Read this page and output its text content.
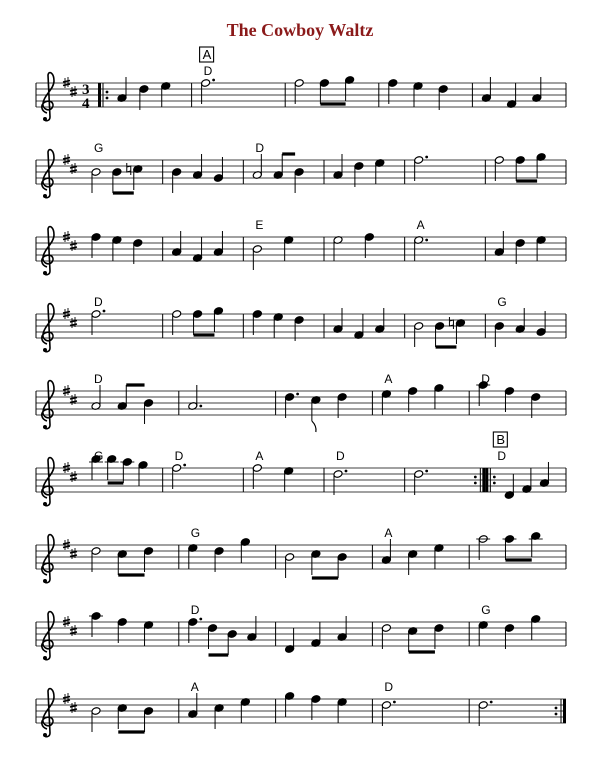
The Cowboy Waltz
3
4
D
A
G	D
E	A
D	G
D	A	D
G	D	A	D	D
B
G	A
D	G
A	D
